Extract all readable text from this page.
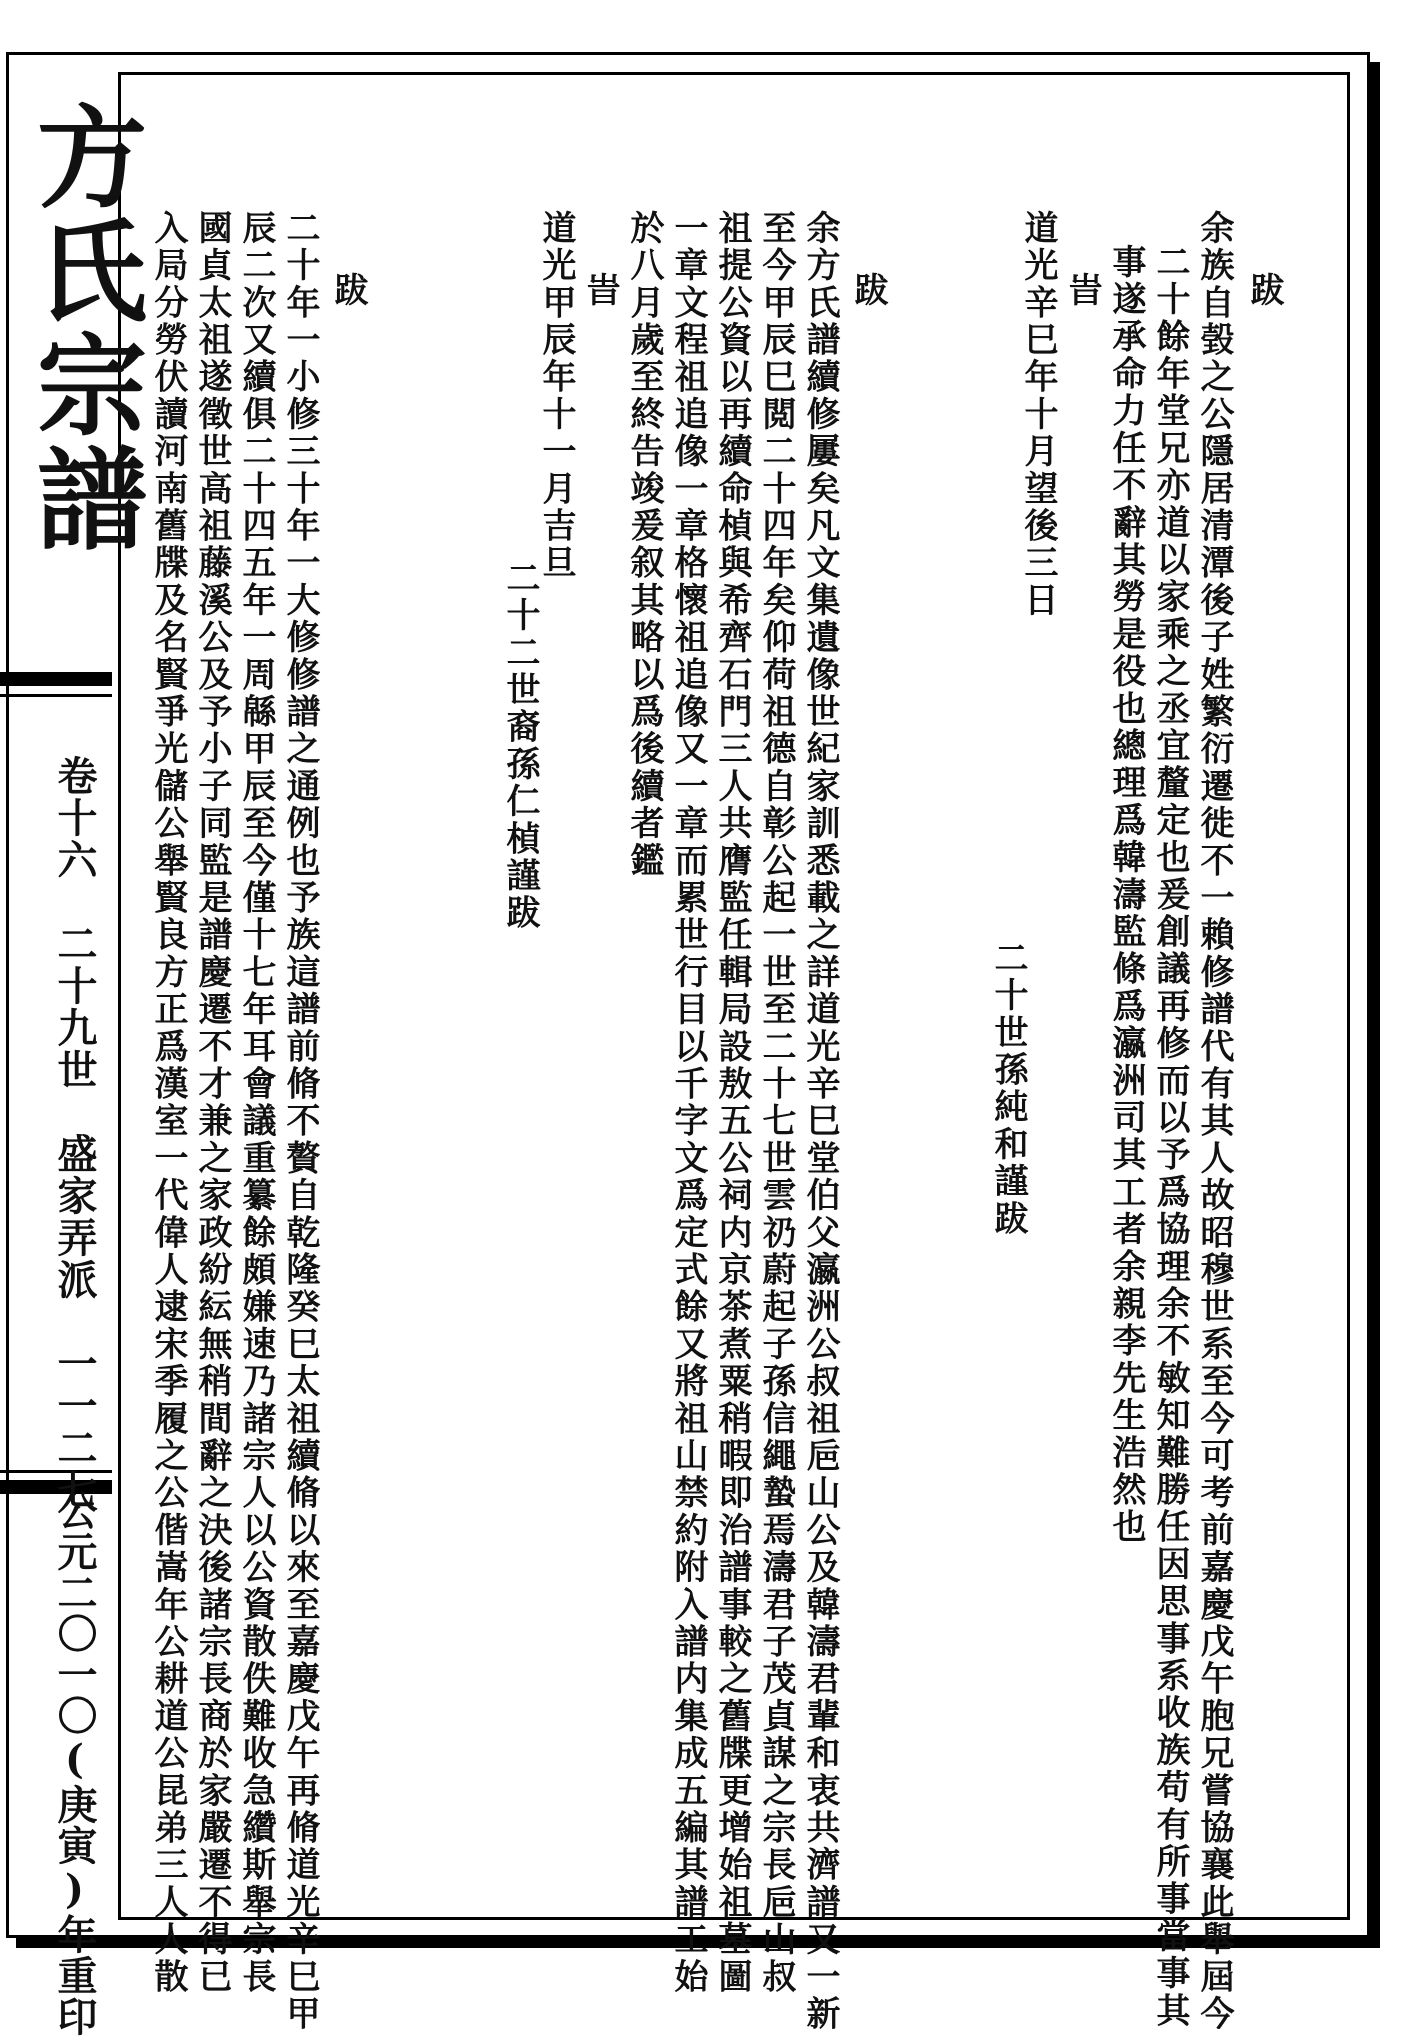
方氏宗譜
卷十六　二十九世　盛家弄派　一一二七
公元二〇一〇(庚寅)年重印
跋
余族自㲄之公隱居清潭後子姓繁衍遷徙不一賴修譜代有其人故昭穆世系至今可考前嘉慶戊午胞兄嘗協襄此舉屆今
二十餘年堂兄亦道以家乘之丞宜釐定也爰創議再修而以予爲協理余不敏知難勝任因思事系收族苟有所事當事其
事遂承命力任不辭其勞是役也總理爲韓濤監條爲瀛洲司其工者余親李先生浩然也
旹
道光辛巳年十月望後三日
二十世孫純和謹跋
跋
余方氏譜續修屢矣凡文集遺像世紀家訓悉載之詳道光辛巳堂伯父瀛洲公叔祖巵山公及韓濤君輩和衷共濟譜又一新
至今甲辰巳閲二十四年矣仰荷祖德自彰公起一世至二十七世雲礽蔚起子孫信繩蟄焉濤君子茂貞謀之宗長巵山叔
祖提公資以再續命楨與希齊石門三人共膺監任輯局設敖五公祠内京茶煮粟稍暇即治譜事較之舊牒更增始祖墓圖
一章文程祖追像一章格懷祖追像又一章而累世行目以千字文爲定式餘又將祖山禁約附入譜内集成五編其譜工始
於八月歲至終告竣爰叙其略以爲後續者鑑
旹
道光甲辰年十一月吉旦
二十二世裔孫仁楨謹跋
跋
二十年一小修三十年一大修修譜之通例也予族這譜前脩不贅自乾隆癸巳太祖續脩以來至嘉慶戊午再脩道光辛巳甲
辰二次又續俱二十四五年一周緜甲辰至今僅十七年耳會議重纂餘頗嫌速乃諸宗人以公資散佚難收急纘斯舉宗長
國貞太祖遂徵世高祖藤溪公及予小子同監是譜慶遷不才兼之家政紛紜無稍間辭之決後諸宗長商於家嚴遷不得已
入局分勞伏讀河南舊牒及名賢爭光儲公舉賢良方正爲漢室一代偉人逮宋季履之公偕嵩年公耕道公昆弟三人人散
